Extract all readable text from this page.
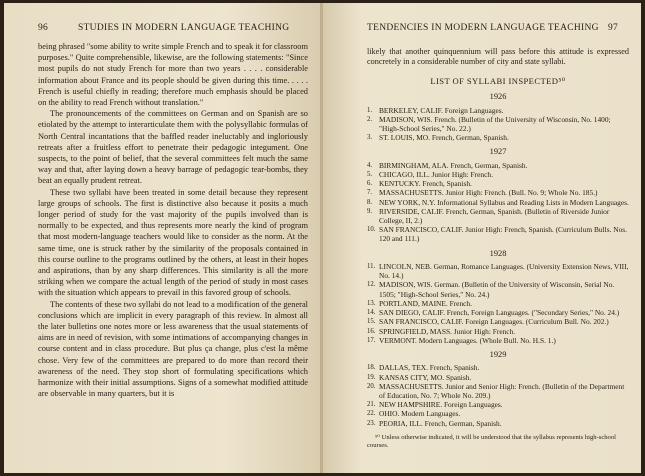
96	STUDIES IN MODERN LANGUAGE TEACHING

being phrased "some ability to write simple French and to speak it for classroom purposes." Quite comprehensible, likewise, are the following statements: "Since most pupils do not study French for more than two years . . . . considerable information about France and its people should be given during this time. . . . . French is useful chiefly in reading; therefore much emphasis should be placed on the ability to read French without translation."

The pronouncements of the committees on German and on Spanish are so etiolated by the attempt to interarticulate them with the polysyllabic formulas of North Central incantations that the baffled reader ineluctably and ingloriously retreats after a fruitless effort to penetrate their pedagogic integument. One suspects, to the point of belief, that the several committees felt much the same way and that, after laying down a heavy barrage of pedagogic tear-bombs, they beat an equally prudent retreat.

These two syllabi have been treated in some detail because they represent large groups of schools. The first is distinctive also because it posits a much longer period of study for the vast majority of the pupils involved than is normally to be expected, and thus represents more nearly the kind of program that most modern-language teachers would like to consider as the norm. At the same time, one is struck rather by the similarity of the proposals contained in this course outline to the programs outlined by the others, at least in their hopes and aspirations, than by any sharp differences. This similarity is all the more striking when we compare the actual length of the period of study in most cases with the situation which appears to prevail in this favored group of schools.

The contents of these two syllabi do not lead to a modification of the general conclusions which are implicit in every paragraph of this review. In almost all the later bulletins one notes more or less awareness that the usual statements of aims are in need of revision, with some intimations of accompanying changes in course content and in class procedure. But plus ça change, plus c'est la même chose. Very few of the committees are prepared to do more than record their awareness of the need. They stop short of formulating specifications which harmonize with their initial assumptions. Signs of a somewhat modified attitude are observable in many quarters, but it is

TENDENCIES IN MODERN LANGUAGE TEACHING 97

likely that another quinquennium will pass before this attitude is expressed concretely in a considerable number of city and state syllabi.

LIST OF SYLLABI INSPECTED⁵⁰
1926
1. BERKELEY, CALIF. Foreign Languages.
2. MADISON, WIS. French. (Bulletin of the University of Wisconsin, No. 1400; "High-School Series," No. 22.)
3. ST. LOUIS, MO. French, German, Spanish.
1927
4. BIRMINGHAM, ALA. French, German, Spanish.
5. CHICAGO, ILL. Junior High: French.
6. KENTUCKY. French, Spanish.
7. MASSACHUSETTS. Junior High: French. (Bull. No. 9; Whole No. 185.)
8. NEW YORK, N.Y. Informational Syllabus and Reading Lists in Modern Languages.
9. RIVERSIDE, CALIF. French, German, Spanish. (Bulletin of Riverside Junior College, II, 2.)
10. SAN FRANCISCO, CALIF. Junior High: French, Spanish. (Curriculum Bulls. Nos. 120 and 111.)
1928
11. LINCOLN, NEB. German, Romance Languages. (University Extension News, VIII, No. 14.)
12. MADISON, WIS. German. (Bulletin of the University of Wisconsin, Serial No. 1505; "High-School Series," No. 24.)
13. PORTLAND, MAINE. French.
14. SAN DIEGO, CALIF. French, Foreign Languages. ("Secondary Series," No. 24.)
15. SAN FRANCISCO, CALIF. Foreign Languages. (Curriculum Bull. No. 202.)
16. SPRINGFIELD, MASS. Junior High: French.
17. VERMONT. Modern Languages. (Whole Bull. No. H.S. 1.)
1929
18. DALLAS, TEX. French, Spanish.
19. KANSAS CITY, MO. Spanish.
20. MASSACHUSETTS. Junior and Senior High: French. (Bulletin of the Department of Education, No. 7; Whole No. 209.)
21. NEW HAMPSHIRE. Foreign Languages.
22. OHIO. Modern Languages.
23. PEORIA, ILL. French, German, Spanish.
⁵⁰ Unless otherwise indicated, it will be understood that the syllabus represents high-school courses.
